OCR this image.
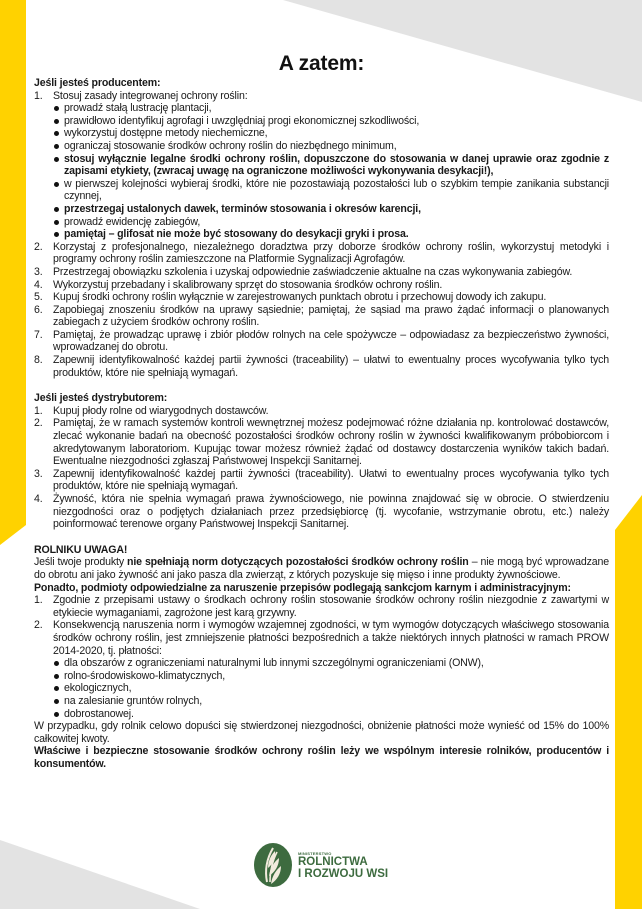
A zatem:

Jeśli jesteś producentem:

1. Stosuj zasady integrowanej ochrony roślin:
prowadź stałą lustrację plantacji,
prawidłowo identyfikuj agrofagi i uwzględniaj progi ekonomicznej szkodliwości,
wykorzystuj dostępne metody niechemiczne,
ograniczaj stosowanie środków ochrony roślin do niezbędnego minimum,
stosuj wyłącznie legalne środki ochrony roślin, dopuszczone do stosowania w danej uprawie oraz zgodnie z zapisami etykiety, (zwracaj uwagę na ograniczone możliwości wykonywania desykacji!),
w pierwszej kolejności wybieraj środki, które nie pozostawiają pozostałości lub o szybkim tempie zanikania substancji czynnej,
przestrzegaj ustalonych dawek, terminów stosowania i okresów karencji,
prowadź ewidencję zabiegów,
pamiętaj – glifosat nie może być stosowany do desykacji gryki i prosa.
2. Korzystaj z profesjonalnego, niezależnego doradztwa przy doborze środków ochrony roślin, wykorzystuj metodyki i programy ochrony roślin zamieszczone na Platformie Sygnalizacji Agrofagów.
3. Przestrzegaj obowiązku szkolenia i uzyskaj odpowiednie zaświadczenie aktualne na czas wykonywania zabiegów.
4. Wykorzystuj przebadany i skalibrowany sprzęt do stosowania środków ochrony roślin.
5. Kupuj środki ochrony roślin wyłącznie w zarejestrowanych punktach obrotu i przechowuj dowody ich zakupu.
6. Zapobiegaj znoszeniu środków na uprawy sąsiednie; pamiętaj, że sąsiad ma prawo żądać informacji o planowanych zabiegach z użyciem środków ochrony roślin.
7. Pamiętaj, że prowadząc uprawę i zbiór płodów rolnych na cele spożywcze – odpowiadasz za bezpieczeństwo żywności, wprowadzanej do obrotu.
8. Zapewnij identyfikowalność każdej partii żywności (traceability) – ułatwi to ewentualny proces wycofywania tylko tych produktów, które nie spełniają wymagań.

Jeśli jesteś dystrybutorem:

1. Kupuj płody rolne od wiarygodnych dostawców.
2. Pamiętaj, że w ramach systemów kontroli wewnętrznej możesz podejmować różne działania np. kontrolować dostawców, zlecać wykonanie badań na obecność pozostałości środków ochrony roślin w żywności kwalifikowanym próbobiorcom i akredytowanym laboratoriom. Kupując towar możesz również żądać od dostawcy dostarczenia wyników takich badań. Ewentualne niezgodności zgłaszaj Państwowej Inspekcji Sanitarnej.
3. Zapewnij identyfikowalność każdej partii żywności (traceability). Ułatwi to ewentualny proces wycofywania tylko tych produktów, które nie spełniają wymagań.
4. Żywność, która nie spełnia wymagań prawa żywnościowego, nie powinna znajdować się w obrocie. O stwierdzeniu niezgodności oraz o podjętych działaniach przez przedsiębiorcę (tj. wycofanie, wstrzymanie obrotu, etc.) należy poinformować terenowe organy Państwowej Inspekcji Sanitarnej.

ROLNIKU UWAGA!

Jeśli twoje produkty nie spełniają norm dotyczących pozostałości środków ochrony roślin – nie mogą być wprowadzane do obrotu ani jako żywność ani jako pasza dla zwierząt, z których pozyskuje się mięso i inne produkty żywnościowe.

Ponadto, podmioty odpowiedzialne za naruszenie przepisów podlegają sankcjom karnym i administracyjnym:

1. Zgodnie z przepisami ustawy o środkach ochrony roślin stosowanie środków ochrony roślin niezgodnie z zawartymi w etykiecie wymaganiami, zagrożone jest karą grzywny.
2. Konsekwencją naruszenia norm i wymogów wzajemnej zgodności, w tym wymogów dotyczących właściwego stosowania środków ochrony roślin, jest zmniejszenie płatności bezpośrednich a także niektórych innych płatności w ramach PROW 2014-2020, tj. płatności:
dla obszarów z ograniczeniami naturalnymi lub innymi szczególnymi ograniczeniami (ONW),
rolno-środowiskowo-klimatycznych,
ekologicznych,
na zalesianie gruntów rolnych,
dobrostanowej.

W przypadku, gdy rolnik celowo dopuści się stwierdzonej niezgodności, obniżenie płatności może wynieść od 15% do 100% całkowitej kwoty.

Właściwe i bezpieczne stosowanie środków ochrony roślin leży we wspólnym interesie rolników, producentów i konsumentów.

MINISTERSTWO
ROLNICTWA
I ROZWOJU WSI
